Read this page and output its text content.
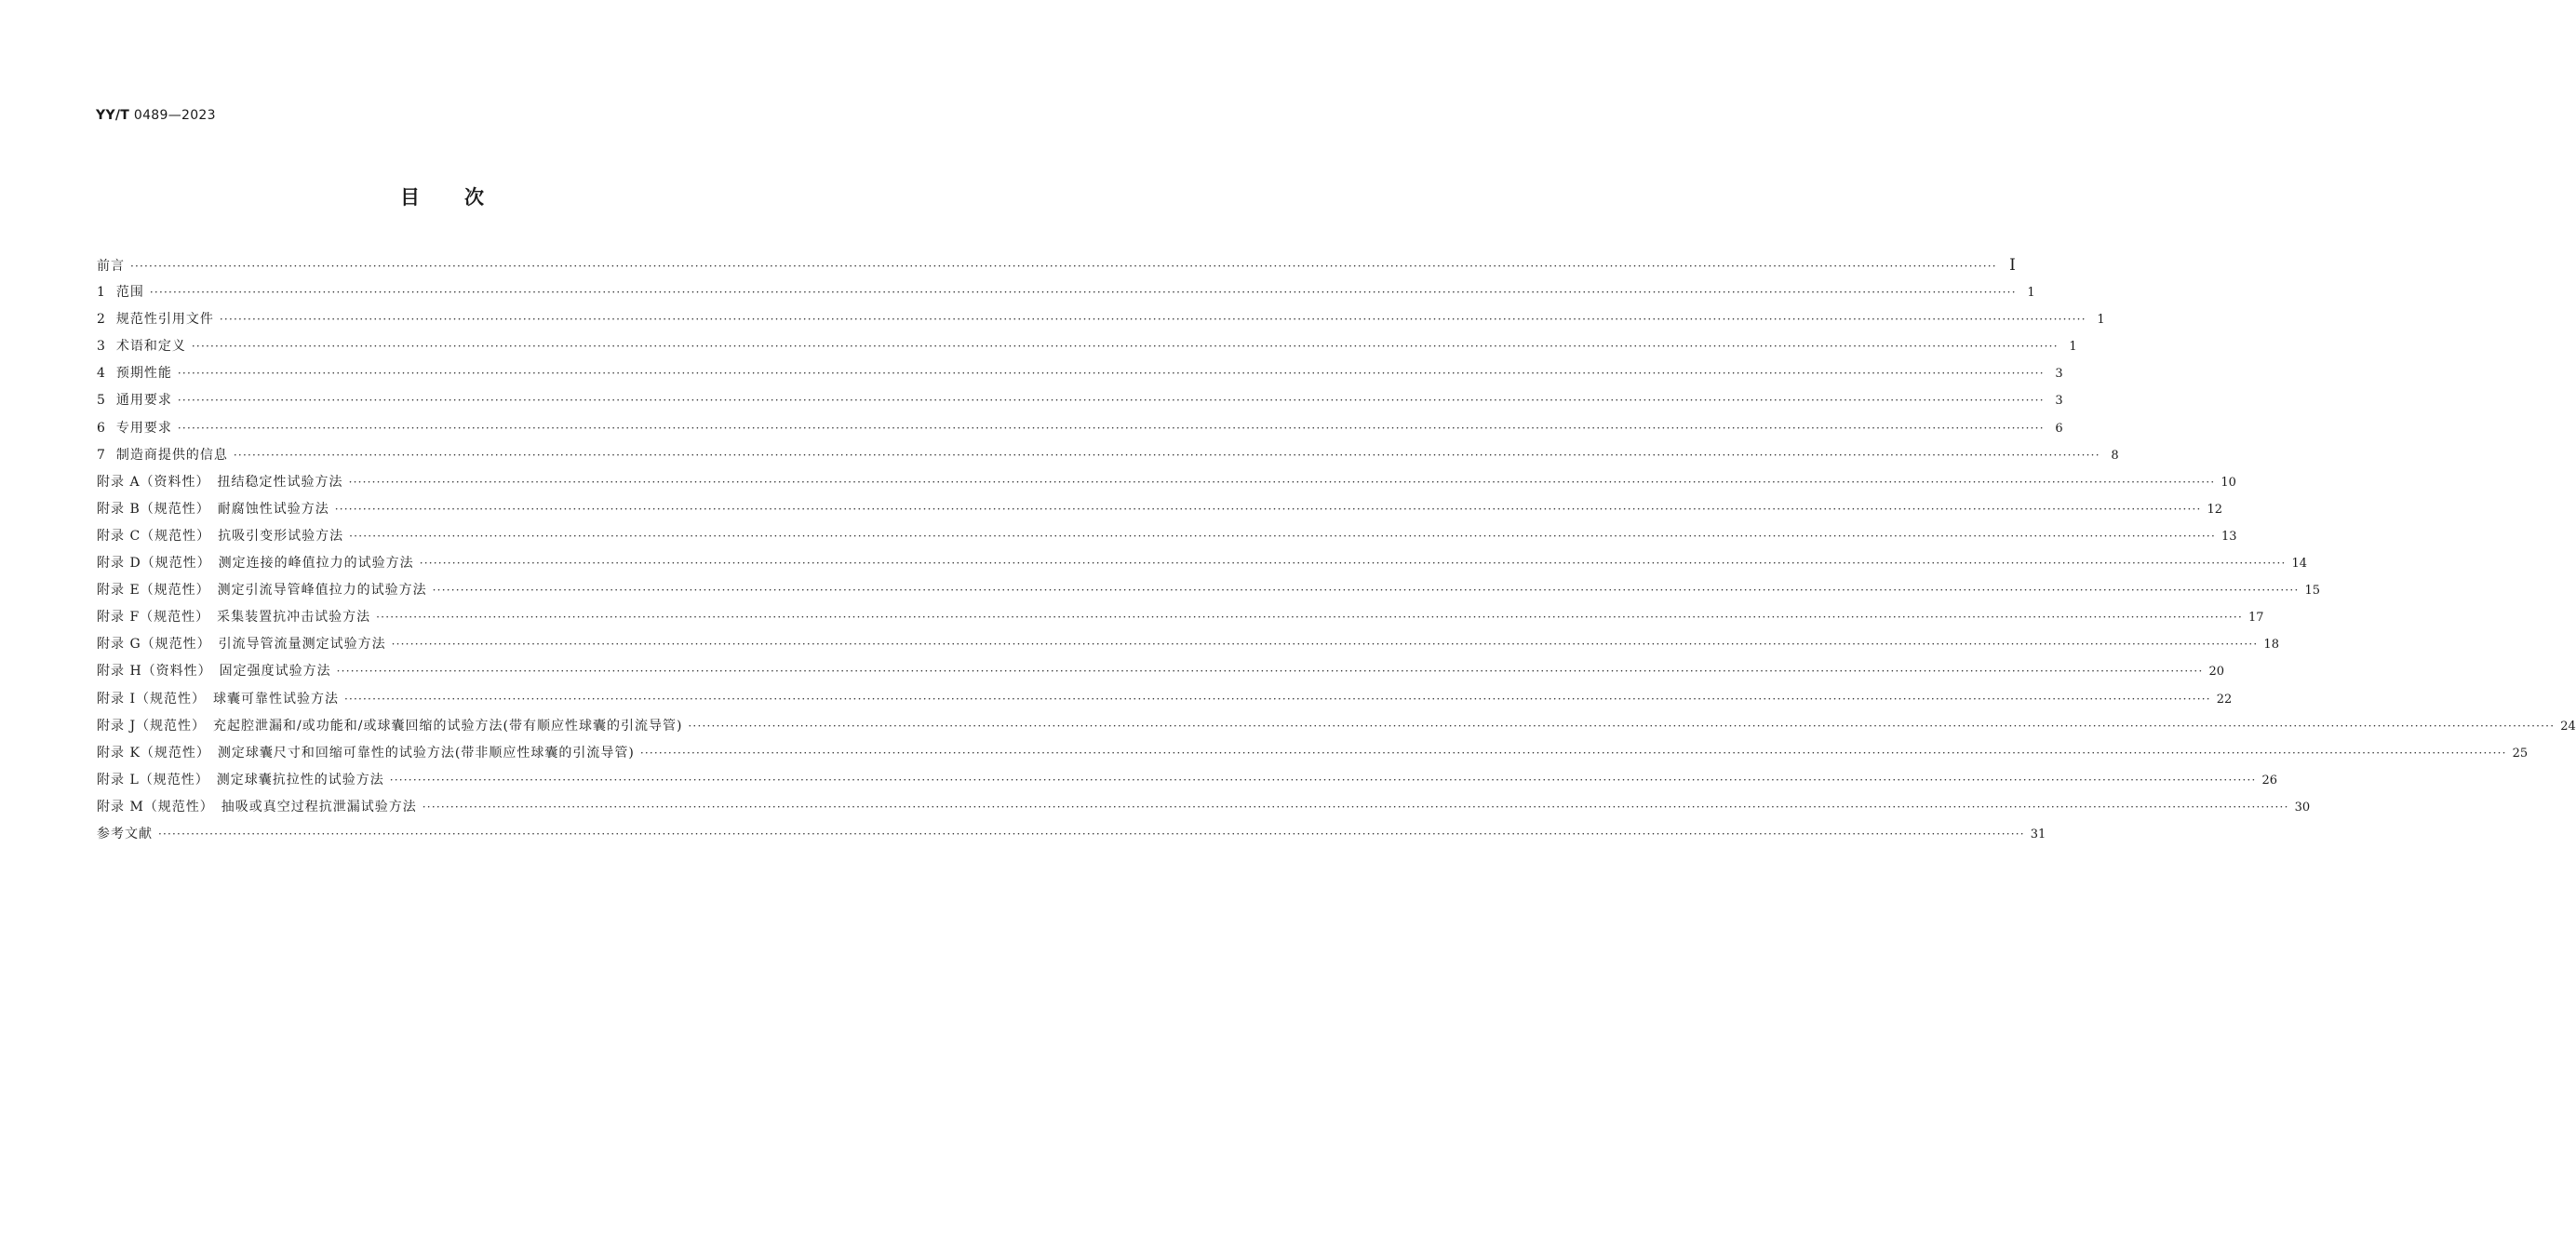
YY/T 0489—2023
目次
前言 ················································································································································································································································································································································································································ I
1 范围 ················································································································································································································································································································································································································ 1
2 规范性引用文件 ················································································································································································································································································································································································································ 1
3 术语和定义 ················································································································································································································································································································································································································ 1
4 预期性能 ················································································································································································································································································································································································································ 3
5 通用要求 ················································································································································································································································································································································································································ 3
6 专用要求 ················································································································································································································································································································································································································ 6
7 制造商提供的信息 ················································································································································································································································································································································································································ 8
附录 A（资料性）　扭结稳定性试验方法 ················································································································································································································································································································································································································ 10
附录 B（规范性）　耐腐蚀性试验方法 ················································································································································································································································································································································································································ 12
附录 C（规范性）　抗吸引变形试验方法 ················································································································································································································································································································································································································ 13
附录 D（规范性）　测定连接的峰值拉力的试验方法 ················································································································································································································································································································································································································ 14
附录 E（规范性）　测定引流导管峰值拉力的试验方法 ················································································································································································································································································································································································································ 15
附录 F（规范性）　采集装置抗冲击试验方法 ················································································································································································································································································································································································································ 17
附录 G（规范性）　引流导管流量测定试验方法 ················································································································································································································································································································································································································ 18
附录 H（资料性）　固定强度试验方法 ················································································································································································································································································································································································································ 20
附录 I（规范性）　球囊可靠性试验方法 ················································································································································································································································································································································································································ 22
附录 J（规范性）　充起腔泄漏和/或功能和/或球囊回缩的试验方法(带有顺应性球囊的引流导管) ················································································································································································································································································································································································································ 24
附录 K（规范性）　测定球囊尺寸和回缩可靠性的试验方法(带非顺应性球囊的引流导管) ················································································································································································································································································································································································································ 25
附录 L（规范性）　测定球囊抗拉性的试验方法 ················································································································································································································································································································································································································ 26
附录 M（规范性）　抽吸或真空过程抗泄漏试验方法 ················································································································································································································································································································································································································ 30
参考文献 ················································································································································································································································································································································································································ 31
